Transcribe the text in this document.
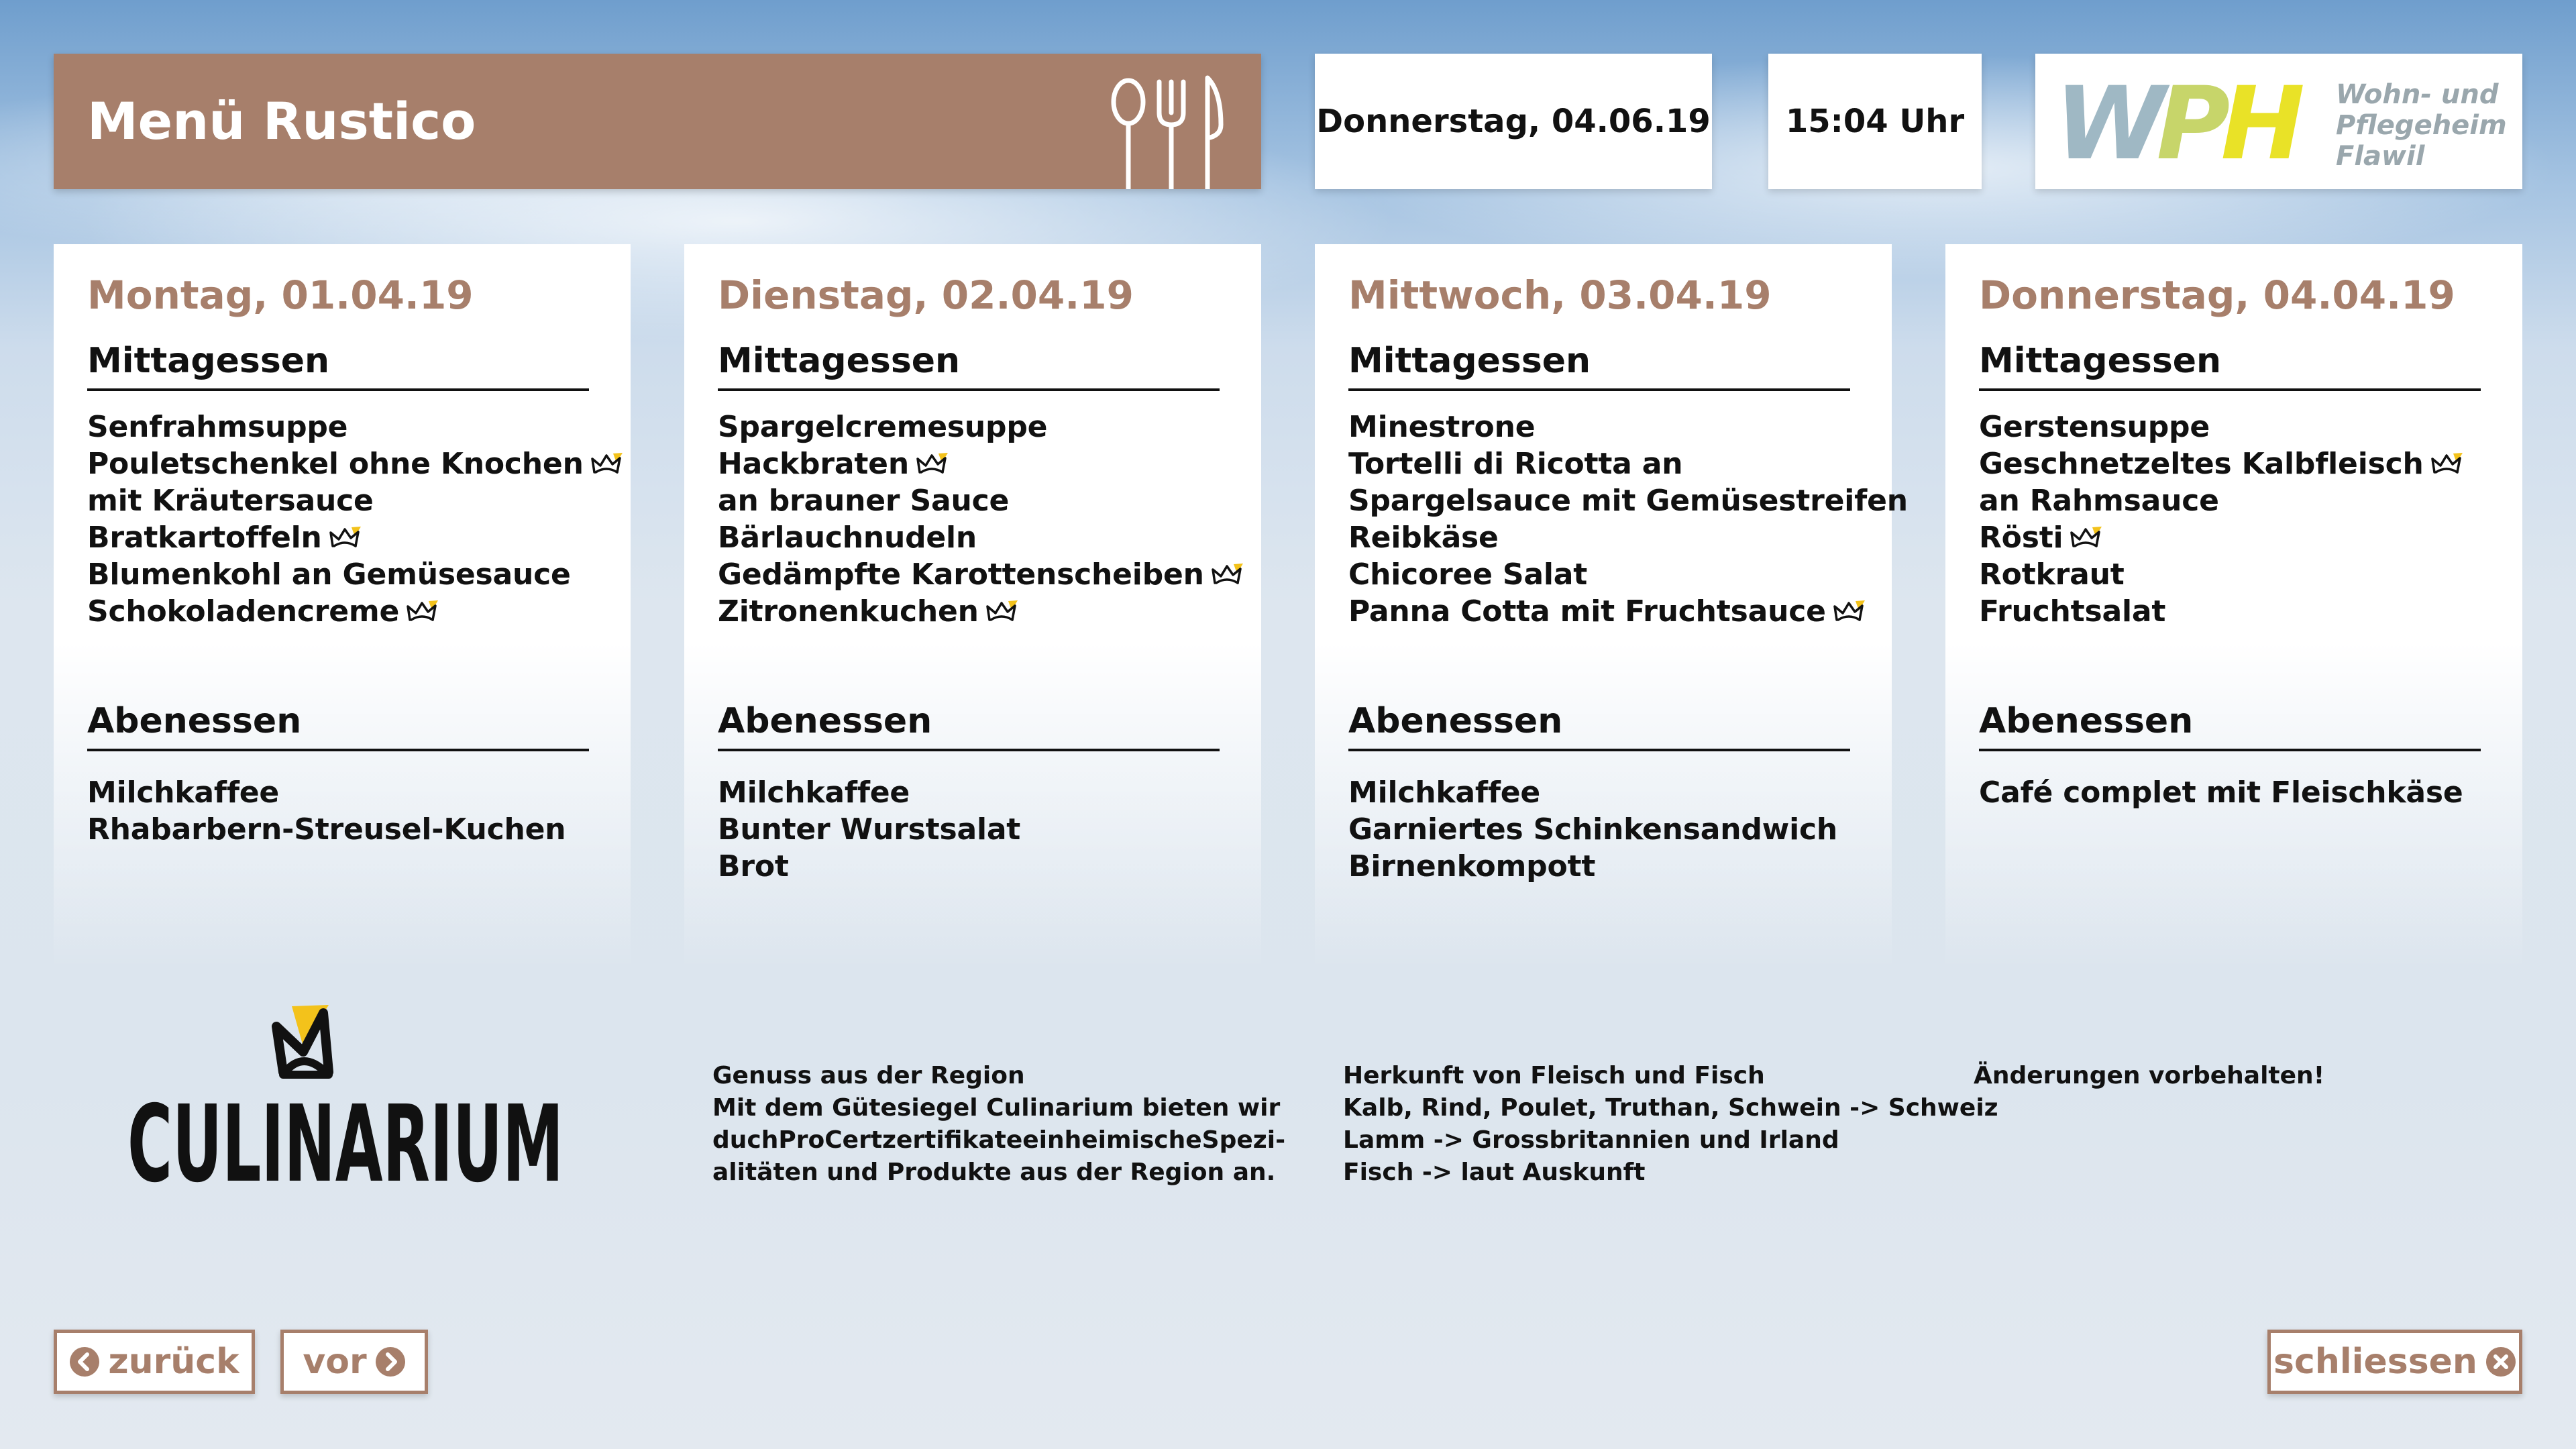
Menü Rustico	Donnerstag, 04.06.19	15:04 Uhr WPH Wohn- und
Pflegeheim
Flawil
Montag, 01.04.19
Mittagessen
Senfrahmsuppe
Pouletschenkel ohne Knochen
mit Kräutersauce
Bratkartoffeln
Blumenkohl an Gemüsesauce
Schokoladencreme
Abenessen
Milchkaffee
Rhabarbern-Streusel-Kuchen
Dienstag, 02.04.19
Mittagessen
Spargelcremesuppe
Hackbraten
an brauner Sauce
Bärlauchnudeln
Gedämpfte Karottenscheiben
Zitronenkuchen
Abenessen
Milchkaffee
Bunter Wurstsalat
Brot
Mittwoch, 03.04.19
Mittagessen
Minestrone
Tortelli di Ricotta an
Spargelsauce mit Gemüsestreifen
Reibkäse
Chicoree Salat
Panna Cotta mit Fruchtsauce
Abenessen
Milchkaffee
Garniertes Schinkensandwich
Birnenkompott
Donnerstag, 04.04.19
Mittagessen
Gerstensuppe
Geschnetzeltes Kalbfleisch
an Rahmsauce
Rösti
Rotkraut
Fruchtsalat
Abenessen
Café complet mit Fleischkäse
CULINARIUM

Genuss aus der Region

Mit dem Gütesiegel Culinarium bieten wir

duchProCertzertifikateeinheimischeSpezi-

alitäten und Produkte aus der Region an.

Herkunft von Fleisch und Fisch

Kalb, Rind, Poulet, Truthan, Schwein -> Schweiz

Lamm -> Grossbritannien und Irland

Fisch -> laut Auskunft

Änderungen vorbehalten!

zurück vor	schliessen
